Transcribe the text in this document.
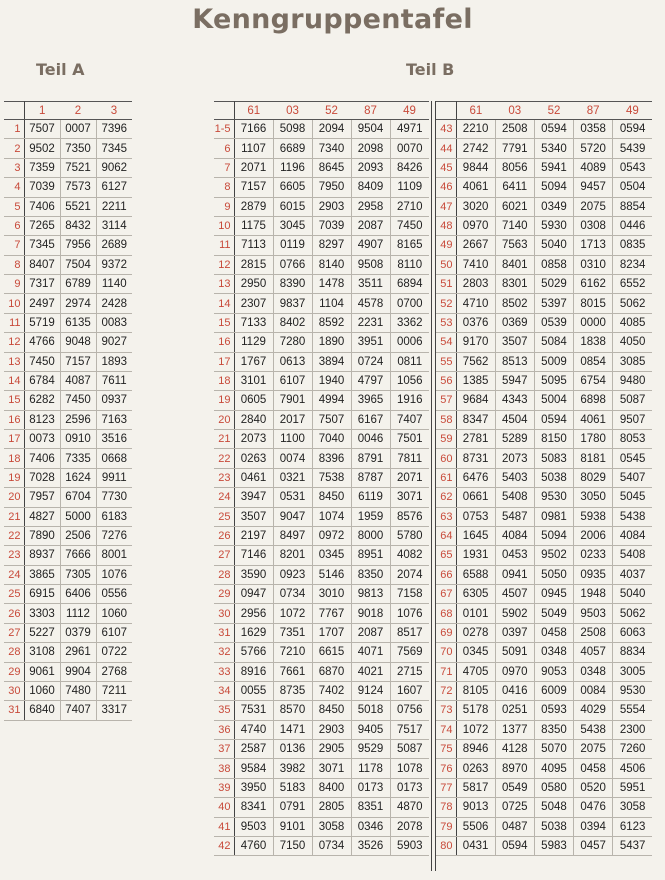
Kenngruppentafel
Teil A	Teil B
	1	2	3
1	7507	0007	7396
2	9502	7350	7345
3	7359	7521	9062
4	7039	7573	6127
5	7406	5521	2211
6	7265	8432	3114
7	7345	7956	2689
8	8407	7504	9372
9	7317	6789	1140
10	2497	2974	2428
11	5719	6135	0083
12	4766	9048	9027
13	7450	7157	1893
14	6784	4087	7611
15	6282	7450	0937
16	8123	2596	7163
17	0073	0910	3516
18	7406	7335	0668
19	7028	1624	9911
20	7957	6704	7730
21	4827	5000	6183
22	7890	2506	7276
23	8937	7666	8001
24	3865	7305	1076
25	6915	6406	0556
26	3303	1112	1060
27	5227	0379	6107
28	3108	2961	0722
29	9061	9904	2768
30	1060	7480	7211
31	6840	7407	3317
	61	03	52	87	49
1-5	7166	5098	2094	9504	4971
6	1107	6689	7340	2098	0070
7	2071	1196	8645	2093	8426
8	7157	6605	7950	8409	1109
9	2879	6015	2903	2958	2710
10	1175	3045	7039	2087	7450
11	7113	0119	8297	4907	8165
12	2815	0766	8140	9508	8110
13	2950	8390	1478	3511	6894
14	2307	9837	1104	4578	0700
15	7133	8402	8592	2231	3362
16	1129	7280	1890	3951	0006
17	1767	0613	3894	0724	0811
18	3101	6107	1940	4797	1056
19	0605	7901	4994	3965	1916
20	2840	2017	7507	6167	7407
21	2073	1100	7040	0046	7501
22	0263	0074	8396	8791	7811
23	0461	0321	7538	8787	2071
24	3947	0531	8450	6119	3071
25	3507	9047	1074	1959	8576
26	2197	8497	0972	8000	5780
27	7146	8201	0345	8951	4082
28	3590	0923	5146	8350	2074
29	0947	0734	3010	9813	7158
30	2956	1072	7767	9018	1076
31	1629	7351	1707	2087	8517
32	5766	7210	6615	4071	7569
33	8916	7661	6870	4021	2715
34	0055	8735	7402	9124	1607
35	7531	8570	8450	5018	0756
36	4740	1471	2903	9405	7517
37	2587	0136	2905	9529	5087
38	9584	3982	3071	1178	1078
39	3950	5183	8400	0173	0173
40	8341	0791	2805	8351	4870
41	9503	9101	3058	0346	2078
42	4760	7150	0734	3526	5903
	61	03	52	87	49
43	2210	2508	0594	0358	0594
44	2742	7791	5340	5720	5439
45	9844	8056	5941	4089	0543
46	4061	6411	5094	9457	0504
47	3020	6021	0349	2075	8854
48	0970	7140	5930	0308	0446
49	2667	7563	5040	1713	0835
50	7410	8401	0858	0310	8234
51	2803	8301	5029	6162	6552
52	4710	8502	5397	8015	5062
53	0376	0369	0539	0000	4085
54	9170	3507	5084	1838	4050
55	7562	8513	5009	0854	3085
56	1385	5947	5095	6754	9480
57	9684	4343	5004	6898	5087
58	8347	4504	0594	4061	9507
59	2781	5289	8150	1780	8053
60	8731	2073	5083	8181	0545
61	6476	5403	5038	8029	5407
62	0661	5408	9530	3050	5045
63	0753	5487	0981	5938	5438
64	1645	4084	5094	2006	4084
65	1931	0453	9502	0233	5408
66	6588	0941	5050	0935	4037
67	6305	4507	0945	1948	5040
68	0101	5902	5049	9503	5062
69	0278	0397	0458	2508	6063
70	0345	5091	0348	4057	8834
71	4705	0970	9053	0348	3005
72	8105	0416	6009	0084	9530
73	5178	0251	0593	4029	5554
74	1072	1377	8350	5438	2300
75	8946	4128	5070	2075	7260
76	0263	8970	4095	0458	4506
77	5817	0549	0580	0520	5951
78	9013	0725	5048	0476	3058
79	5506	0487	5038	0394	6123
80	0431	0594	5983	0457	5437
